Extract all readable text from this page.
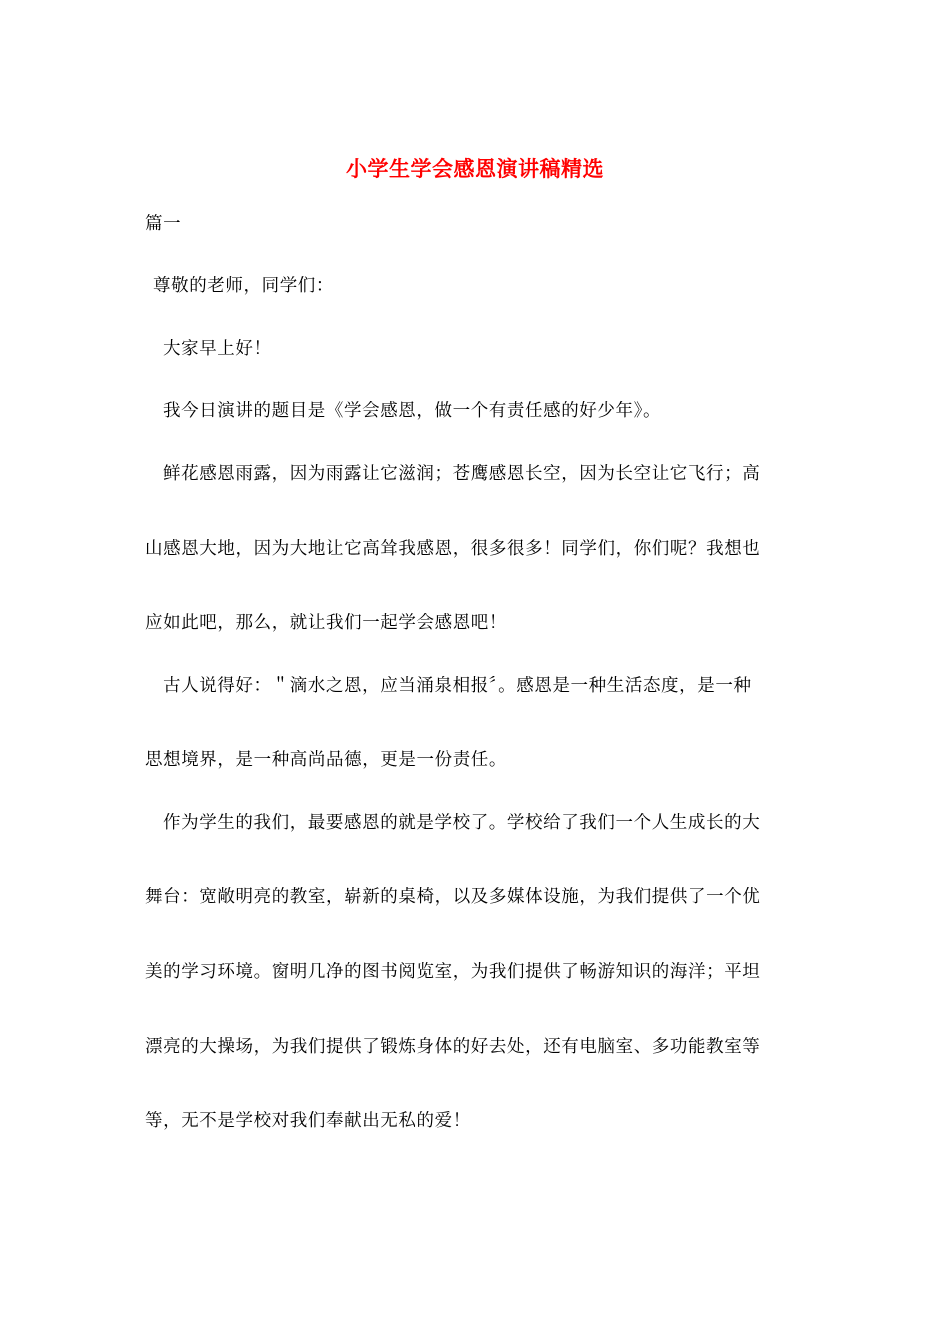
小学生学会感恩演讲稿精选
篇一
尊敬的老师，同学们：
大家早上好！
我今日演讲的题目是《学会感恩，做一个有责任感的好少年》。
鲜花感恩雨露，因为雨露让它滋润；苍鹰感恩长空，因为长空让它飞行；高
山感恩大地，因为大地让它高耸我感恩，很多很多！同学们，你们呢？我想也
应如此吧，那么，就让我们一起学会感恩吧！
古人说得好：＂滴水之恩，应当涌泉相报〞。感恩是一种生活态度，是一种
思想境界，是一种高尚品德，更是一份责任。
作为学生的我们，最要感恩的就是学校了。学校给了我们一个人生成长的大
舞台：宽敞明亮的教室，崭新的桌椅，以及多媒体设施，为我们提供了一个优
美的学习环境。窗明几净的图书阅览室，为我们提供了畅游知识的海洋；平坦
漂亮的大操场，为我们提供了锻炼身体的好去处，还有电脑室、多功能教室等
等，无不是学校对我们奉献出无私的爱！
